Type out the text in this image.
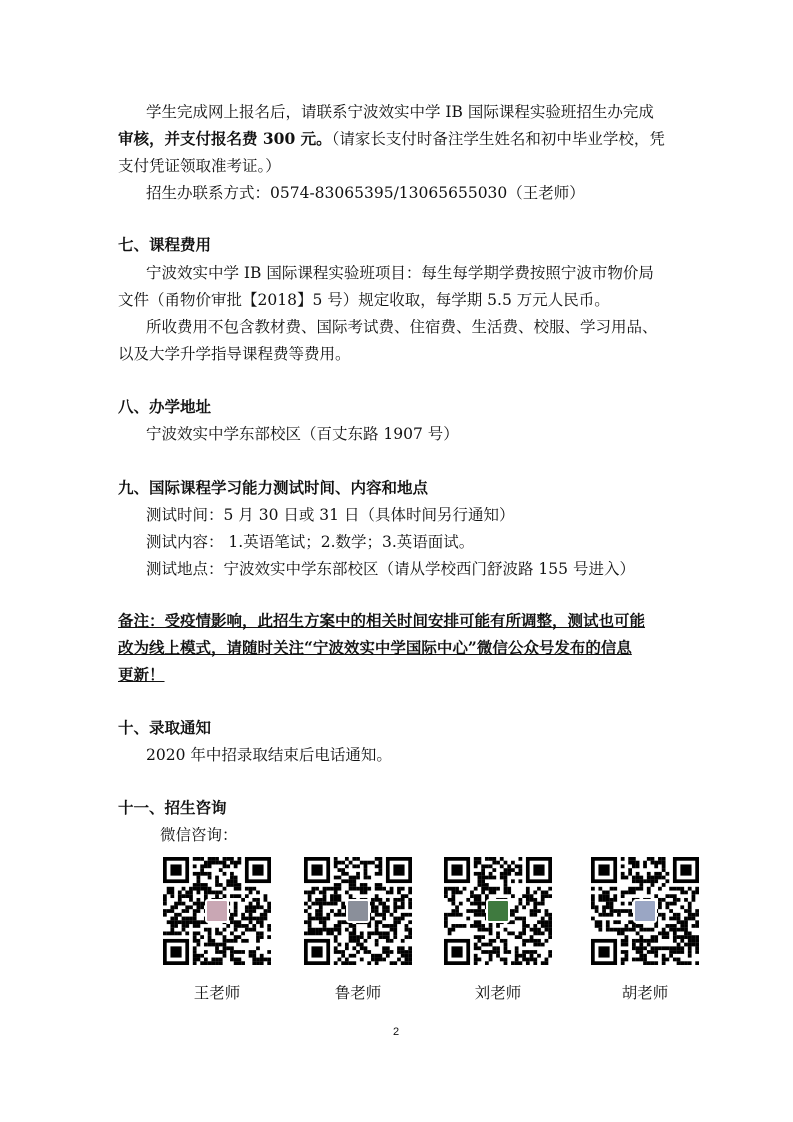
学生完成网上报名后，请联系宁波效实中学 IB 国际课程实验班招生办完成
审核，并支付报名费 300 元。（请家长支付时备注学生姓名和初中毕业学校，凭
支付凭证领取准考证。）
招生办联系方式：0574-83065395/13065655030（王老师）
七、课程费用
宁波效实中学 IB 国际课程实验班项目：每生每学期学费按照宁波市物价局
文件（甬物价审批【2018】5 号）规定收取，每学期 5.5 万元人民币。
所收费用不包含教材费、国际考试费、住宿费、生活费、校服、学习用品、
以及大学升学指导课程费等费用。
八、办学地址
宁波效实中学东部校区（百丈东路 1907 号）
九、国际课程学习能力测试时间、内容和地点
测试时间：5 月 30 日或 31 日（具体时间另行通知）
测试内容： 1.英语笔试；2.数学；3.英语面试。
测试地点：宁波效实中学东部校区（请从学校西门舒波路 155 号进入）
备注：受疫情影响，此招生方案中的相关时间安排可能有所调整，测试也可能
改为线上模式，请随时关注“宁波效实中学国际中心”微信公众号发布的信息
更新！
十、录取通知
2020 年中招录取结束后电话通知。
十一、招生咨询
微信咨询：
王老师	鲁老师	刘老师	胡老师
2
